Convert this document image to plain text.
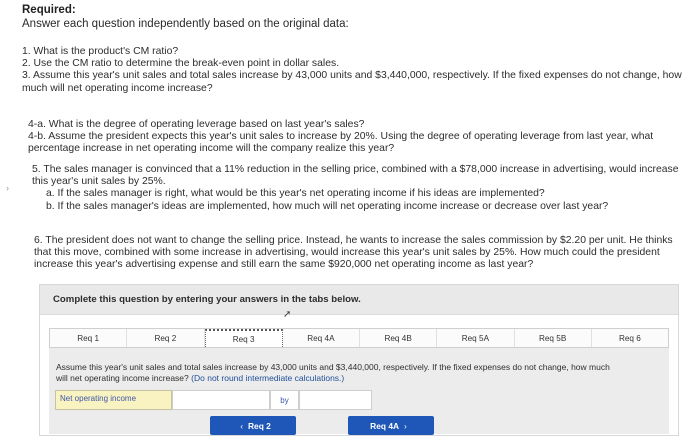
Required:
Answer each question independently based on the original data:
1. What is the product's CM ratio?
2. Use the CM ratio to determine the break-even point in dollar sales.
3. Assume this year's unit sales and total sales increase by 43,000 units and $3,440,000, respectively. If the fixed expenses do not change, how much will net operating income increase?
4-a. What is the degree of operating leverage based on last year's sales?
4-b. Assume the president expects this year's unit sales to increase by 20%. Using the degree of operating leverage from last year, what percentage increase in net operating income will the company realize this year?
›
5. The sales manager is convinced that a 11% reduction in the selling price, combined with a $78,000 increase in advertising, would increase this year's unit sales by 25%.
a. If the sales manager is right, what would be this year's net operating income if his ideas are implemented?
b. If the sales manager's ideas are implemented, how much will net operating income increase or decrease over last year?
6. The president does not want to change the selling price. Instead, he wants to increase the sales commission by $2.20 per unit. He thinks that this move, combined with some increase in advertising, would increase this year's unit sales by 25%. How much could the president increase this year's advertising expense and still earn the same $920,000 net operating income as last year?
Complete this question by entering your answers in the tabs below.
➚
Req 1	Req 2	Req 3	Req 4A	Req 4B	Req 5A	Req 5B	Req 6
Assume this year's unit sales and total sales increase by 43,000 units and $3,440,000, respectively. If the fixed expenses do not change, how much will net operating income increase? (Do not round intermediate calculations.)
Net operating income	by
‹ Req 2	Req 4A ›
